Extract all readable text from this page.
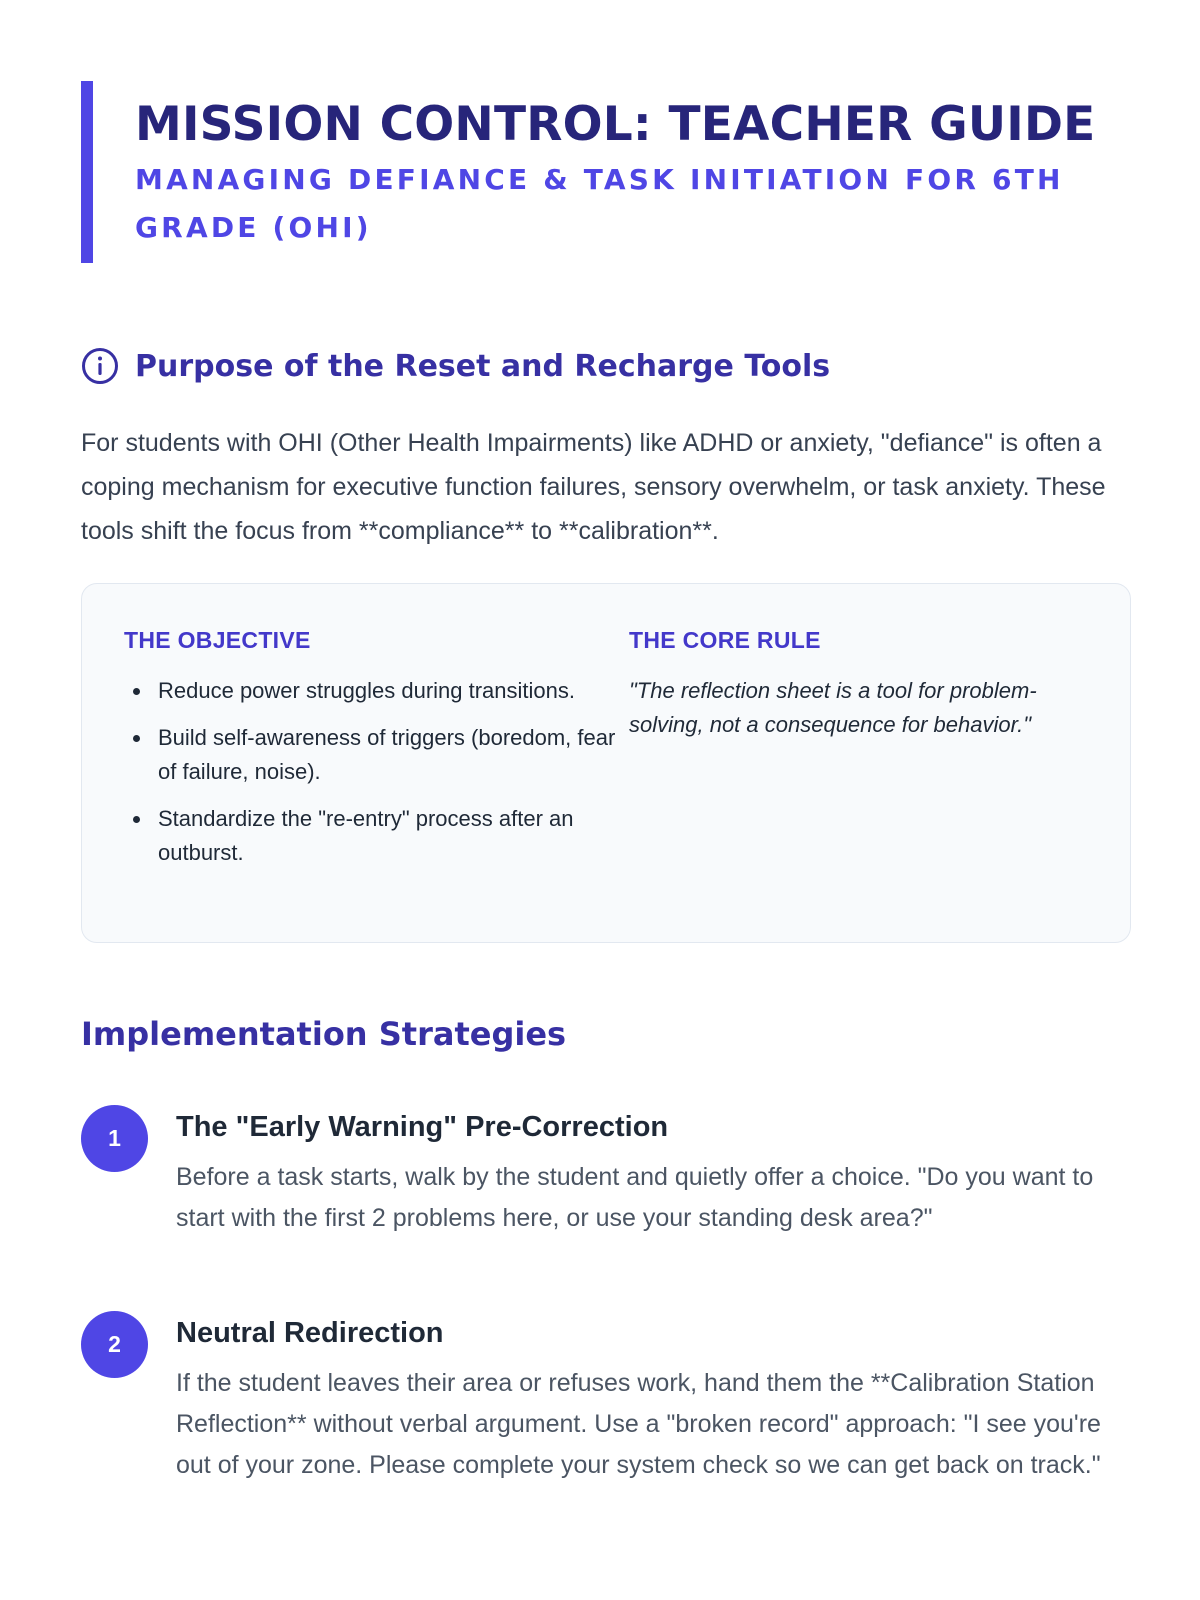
MISSION CONTROL: TEACHER GUIDE
MANAGING DEFIANCE & TASK INITIATION FOR 6TH GRADE (OHI)
Purpose of the Reset and Recharge Tools

For students with OHI (Other Health Impairments) like ADHD or anxiety, "defiance" is often a coping mechanism for executive function failures, sensory overwhelm, or task anxiety. These tools shift the focus from **compliance** to **calibration**.

THE OBJECTIVE
Reduce power struggles during transitions.
Build self-awareness of triggers (boredom, fear of failure, noise).
Standardize the "re-entry" process after an outburst.
THE CORE RULE

"The reflection sheet is a tool for problem-solving, not a consequence for behavior."

Implementation Strategies
1	The "Early Warning" Pre-Correction

Before a task starts, walk by the student and quietly offer a choice. "Do you want to start with the first 2 problems here, or use your standing desk area?"

2	Neutral Redirection

If the student leaves their area or refuses work, hand them the **Calibration Station Reflection** without verbal argument. Use a "broken record" approach: "I see you're out of your zone. Please complete your system check so we can get back on track."
